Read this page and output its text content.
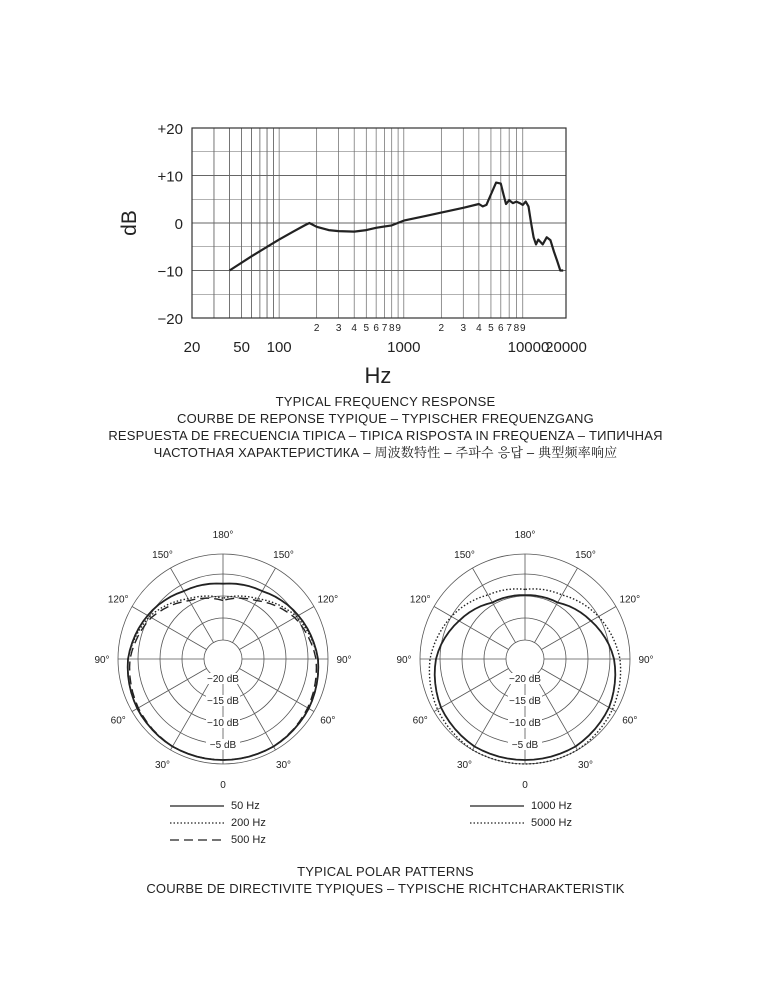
+20
+10
0
−10
−20
dB
20 50 100	1000	10000
20000
2 3 4 5 6 7 8 9	2 3 4 5 6 7 8 9
Hz
180°
150°	150°
120°	120°
90°	90°
60°	60°
30°	30°
0
−20 dB
−15 dB
−10 dB
−5 dB
180°
150°	150°
120°	120°
90°	90°
60°	60°
30°	30°
0
−20 dB
−15 dB
−10 dB
−5 dB
TYPICAL FREQUENCY RESPONSE
COURBE DE REPONSE TYPIQUE – TYPISCHER FREQUENZGANG
RESPUESTA DE FRECUENCIA TIPICA – TIPICA RISPOSTA IN FREQUENZA – ТИПИЧНАЯ
ЧАСТОТНАЯ ХАРАКТЕРИСТИКА – 周波数特性 – 주파수 응답 – 典型频率响应
50 Hz
200 Hz
500 Hz
1000 Hz
5000 Hz
TYPICAL POLAR PATTERNS
COURBE DE DIRECTIVITE TYPIQUES – TYPISCHE RICHTCHARAKTERISTIK
